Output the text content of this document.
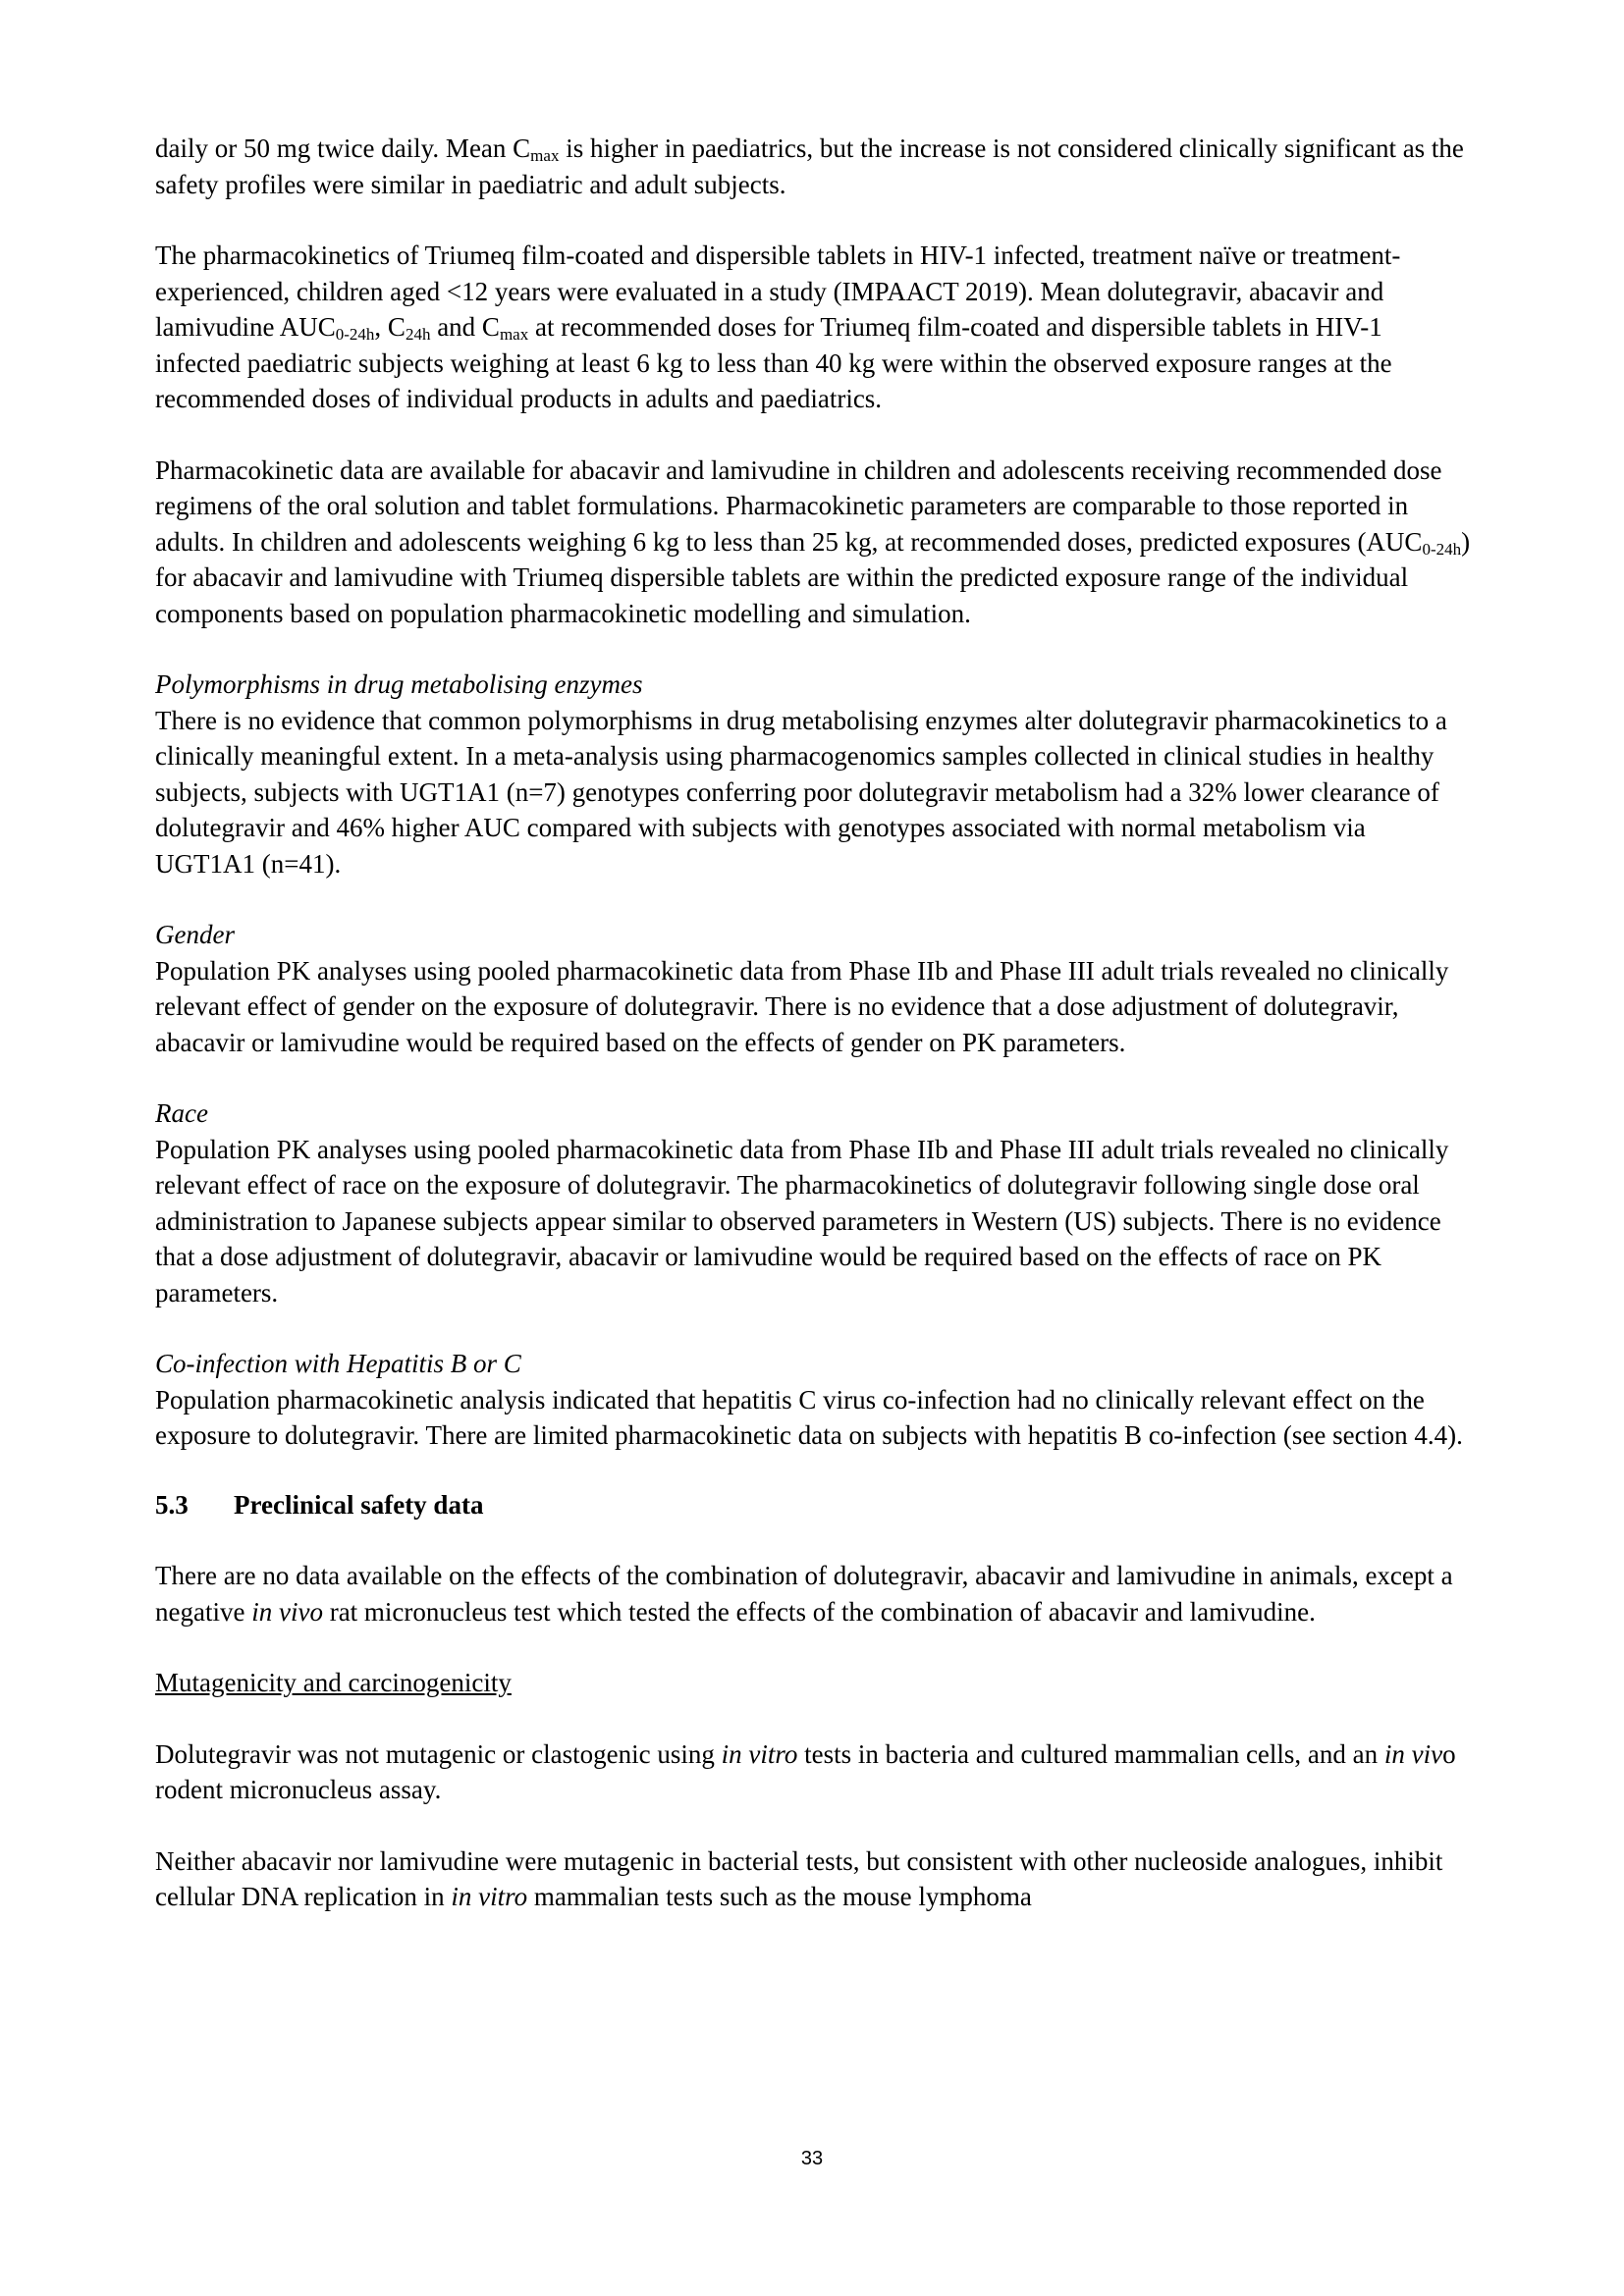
daily or 50 mg twice daily. Mean $C_{max}$ is higher in paediatrics, but the increase is not considered clinically significant as the safety profiles were similar in paediatric and adult subjects.

The pharmacokinetics of Triumeq film-coated and dispersible tablets in HIV-1 infected, treatment naïve or treatment-experienced, children aged <12 years were evaluated in a study (IMPAACT 2019). Mean dolutegravir, abacavir and lamivudine $AUC_{0-24h}$, $C_{24h}$ and $C_{max}$ at recommended doses for Triumeq film-coated and dispersible tablets in HIV-1 infected paediatric subjects weighing at least 6 kg to less than 40 kg were within the observed exposure ranges at the recommended doses of individual products in adults and paediatrics.

Pharmacokinetic data are available for abacavir and lamivudine in children and adolescents receiving recommended dose regimens of the oral solution and tablet formulations. Pharmacokinetic parameters are comparable to those reported in adults. In children and adolescents weighing 6 kg to less than 25 kg, at recommended doses, predicted exposures $(AUC_{0-24h})$ for abacavir and lamivudine with Triumeq dispersible tablets are within the predicted exposure range of the individual components based on population pharmacokinetic modelling and simulation.

Polymorphisms in drug metabolising enzymes

There is no evidence that common polymorphisms in drug metabolising enzymes alter dolutegravir pharmacokinetics to a clinically meaningful extent. In a meta-analysis using pharmacogenomics samples collected in clinical studies in healthy subjects, subjects with UGT1A1 (n=7) genotypes conferring poor dolutegravir metabolism had a 32% lower clearance of dolutegravir and 46% higher AUC compared with subjects with genotypes associated with normal metabolism via UGT1A1 (n=41).

Gender

Population PK analyses using pooled pharmacokinetic data from Phase IIb and Phase III adult trials revealed no clinically relevant effect of gender on the exposure of dolutegravir. There is no evidence that a dose adjustment of dolutegravir, abacavir or lamivudine would be required based on the effects of gender on PK parameters.

Race

Population PK analyses using pooled pharmacokinetic data from Phase IIb and Phase III adult trials revealed no clinically relevant effect of race on the exposure of dolutegravir. The pharmacokinetics of dolutegravir following single dose oral administration to Japanese subjects appear similar to observed parameters in Western (US) subjects. There is no evidence that a dose adjustment of dolutegravir, abacavir or lamivudine would be required based on the effects of race on PK parameters.

Co-infection with Hepatitis B or C

Population pharmacokinetic analysis indicated that hepatitis C virus co-infection had no clinically relevant effect on the exposure to dolutegravir. There are limited pharmacokinetic data on subjects with hepatitis B co-infection (see section 4.4).

5.3 Preclinical safety data

There are no data available on the effects of the combination of dolutegravir, abacavir and lamivudine in animals, except a negative in vivo rat micronucleus test which tested the effects of the combination of abacavir and lamivudine.

Mutagenicity and carcinogenicity

Dolutegravir was not mutagenic or clastogenic using in vitro tests in bacteria and cultured mammalian cells, and an in vivo rodent micronucleus assay.

Neither abacavir nor lamivudine were mutagenic in bacterial tests, but consistent with other nucleoside analogues, inhibit cellular DNA replication in in vitro mammalian tests such as the mouse lymphoma

33
